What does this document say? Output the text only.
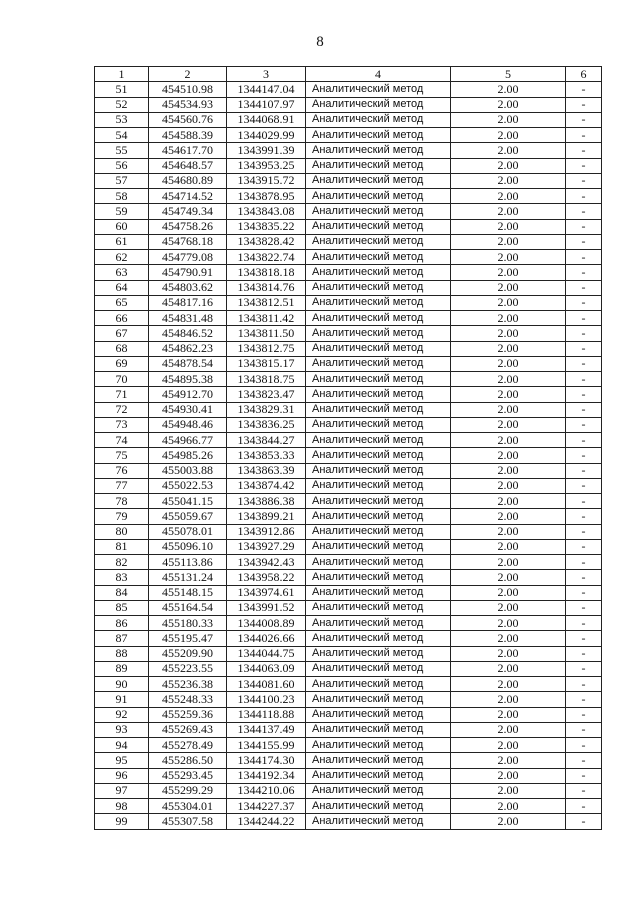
8
1	2	3	4	5	6
51	454510.98	1344147.04	Аналитический метод	2.00	-
52	454534.93	1344107.97	Аналитический метод	2.00	-
53	454560.76	1344068.91	Аналитический метод	2.00	-
54	454588.39	1344029.99	Аналитический метод	2.00	-
55	454617.70	1343991.39	Аналитический метод	2.00	-
56	454648.57	1343953.25	Аналитический метод	2.00	-
57	454680.89	1343915.72	Аналитический метод	2.00	-
58	454714.52	1343878.95	Аналитический метод	2.00	-
59	454749.34	1343843.08	Аналитический метод	2.00	-
60	454758.26	1343835.22	Аналитический метод	2.00	-
61	454768.18	1343828.42	Аналитический метод	2.00	-
62	454779.08	1343822.74	Аналитический метод	2.00	-
63	454790.91	1343818.18	Аналитический метод	2.00	-
64	454803.62	1343814.76	Аналитический метод	2.00	-
65	454817.16	1343812.51	Аналитический метод	2.00	-
66	454831.48	1343811.42	Аналитический метод	2.00	-
67	454846.52	1343811.50	Аналитический метод	2.00	-
68	454862.23	1343812.75	Аналитический метод	2.00	-
69	454878.54	1343815.17	Аналитический метод	2.00	-
70	454895.38	1343818.75	Аналитический метод	2.00	-
71	454912.70	1343823.47	Аналитический метод	2.00	-
72	454930.41	1343829.31	Аналитический метод	2.00	-
73	454948.46	1343836.25	Аналитический метод	2.00	-
74	454966.77	1343844.27	Аналитический метод	2.00	-
75	454985.26	1343853.33	Аналитический метод	2.00	-
76	455003.88	1343863.39	Аналитический метод	2.00	-
77	455022.53	1343874.42	Аналитический метод	2.00	-
78	455041.15	1343886.38	Аналитический метод	2.00	-
79	455059.67	1343899.21	Аналитический метод	2.00	-
80	455078.01	1343912.86	Аналитический метод	2.00	-
81	455096.10	1343927.29	Аналитический метод	2.00	-
82	455113.86	1343942.43	Аналитический метод	2.00	-
83	455131.24	1343958.22	Аналитический метод	2.00	-
84	455148.15	1343974.61	Аналитический метод	2.00	-
85	455164.54	1343991.52	Аналитический метод	2.00	-
86	455180.33	1344008.89	Аналитический метод	2.00	-
87	455195.47	1344026.66	Аналитический метод	2.00	-
88	455209.90	1344044.75	Аналитический метод	2.00	-
89	455223.55	1344063.09	Аналитический метод	2.00	-
90	455236.38	1344081.60	Аналитический метод	2.00	-
91	455248.33	1344100.23	Аналитический метод	2.00	-
92	455259.36	1344118.88	Аналитический метод	2.00	-
93	455269.43	1344137.49	Аналитический метод	2.00	-
94	455278.49	1344155.99	Аналитический метод	2.00	-
95	455286.50	1344174.30	Аналитический метод	2.00	-
96	455293.45	1344192.34	Аналитический метод	2.00	-
97	455299.29	1344210.06	Аналитический метод	2.00	-
98	455304.01	1344227.37	Аналитический метод	2.00	-
99	455307.58	1344244.22	Аналитический метод	2.00	-
